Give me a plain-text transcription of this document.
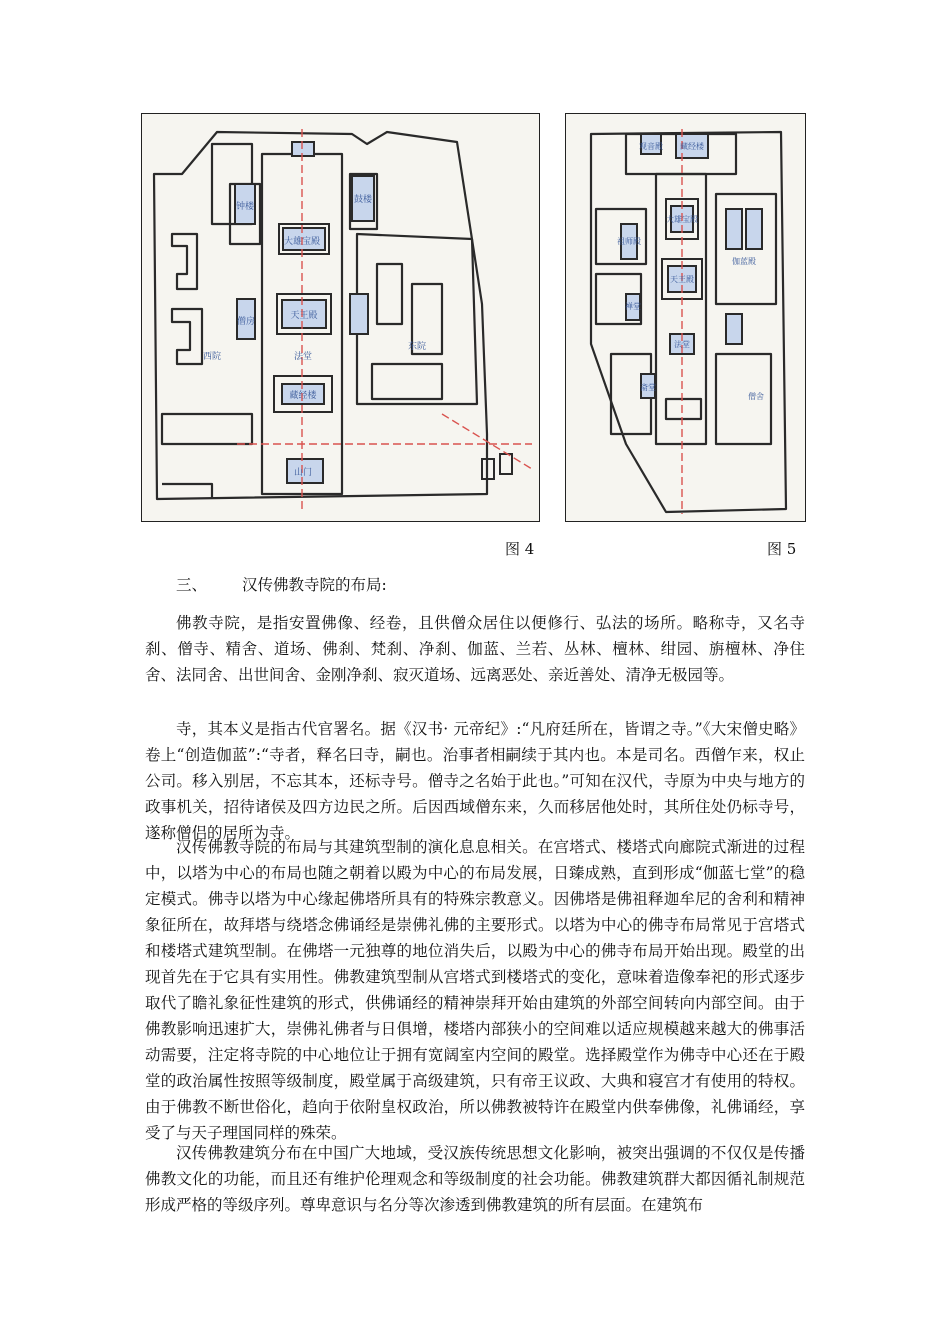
大雄宝殿
天王殿
山门
藏经楼
钟楼
鼓楼
法堂
僧房
西院
东院
藏经楼
观音殿
大雄宝殿
天王殿
法堂
伽蓝殿
祖师殿
禅堂
斋堂
僧舍
图 4	图 5
三、 汉传佛教寺院的布局:

佛教寺院，是指安置佛像、经卷，且供僧众居住以便修行、弘法的场所。略称寺，又名寺刹、僧寺、精舍、道场、佛刹、梵刹、净刹、伽蓝、兰若、丛林、檀林、绀园、旃檀林、净住舍、法同舍、出世间舍、金刚净刹、寂灭道场、远离恶处、亲近善处、清净无极园等。

寺，其本义是指古代官署名。据《汉书· 元帝纪》:“凡府廷所在，皆谓之寺。”《大宋僧史略》卷上“创造伽蓝”:“寺者，释名曰寺，嗣也。治事者相嗣续于其内也。本是司名。西僧乍来，权止公司。移入别居，不忘其本，还标寺号。僧寺之名始于此也。”可知在汉代，寺原为中央与地方的政事机关，招待诸侯及四方边民之所。后因西域僧东来，久而移居他处时，其所住处仍标寺号，遂称僧侣的居所为寺。

汉传佛教寺院的布局与其建筑型制的演化息息相关。在宫塔式、楼塔式向廊院式渐进的过程中，以塔为中心的布局也随之朝着以殿为中心的布局发展，日臻成熟，直到形成“伽蓝七堂”的稳定模式。佛寺以塔为中心缘起佛塔所具有的特殊宗教意义。因佛塔是佛祖释迦牟尼的舍利和精神象征所在，故拜塔与绕塔念佛诵经是崇佛礼佛的主要形式。以塔为中心的佛寺布局常见于宫塔式和楼塔式建筑型制。在佛塔一元独尊的地位消失后，以殿为中心的佛寺布局开始出现。殿堂的出现首先在于它具有实用性。佛教建筑型制从宫塔式到楼塔式的变化，意味着造像奉祀的形式逐步取代了瞻礼象征性建筑的形式，供佛诵经的精神崇拜开始由建筑的外部空间转向内部空间。由于佛教影响迅速扩大，崇佛礼佛者与日俱增，楼塔内部狭小的空间难以适应规模越来越大的佛事活动需要，注定将寺院的中心地位让于拥有宽阔室内空间的殿堂。选择殿堂作为佛寺中心还在于殿堂的政治属性按照等级制度，殿堂属于高级建筑，只有帝王议政、大典和寝宫才有使用的特权。由于佛教不断世俗化，趋向于依附皇权政治，所以佛教被特许在殿堂内供奉佛像，礼佛诵经，享受了与天子理国同样的殊荣。

汉传佛教建筑分布在中国广大地域，受汉族传统思想文化影响，被突出强调的不仅仅是传播佛教文化的功能，而且还有维护伦理观念和等级制度的社会功能。佛教建筑群大都因循礼制规范形成严格的等级序列。尊卑意识与名分等次渗透到佛教建筑的所有层面。在建筑布
